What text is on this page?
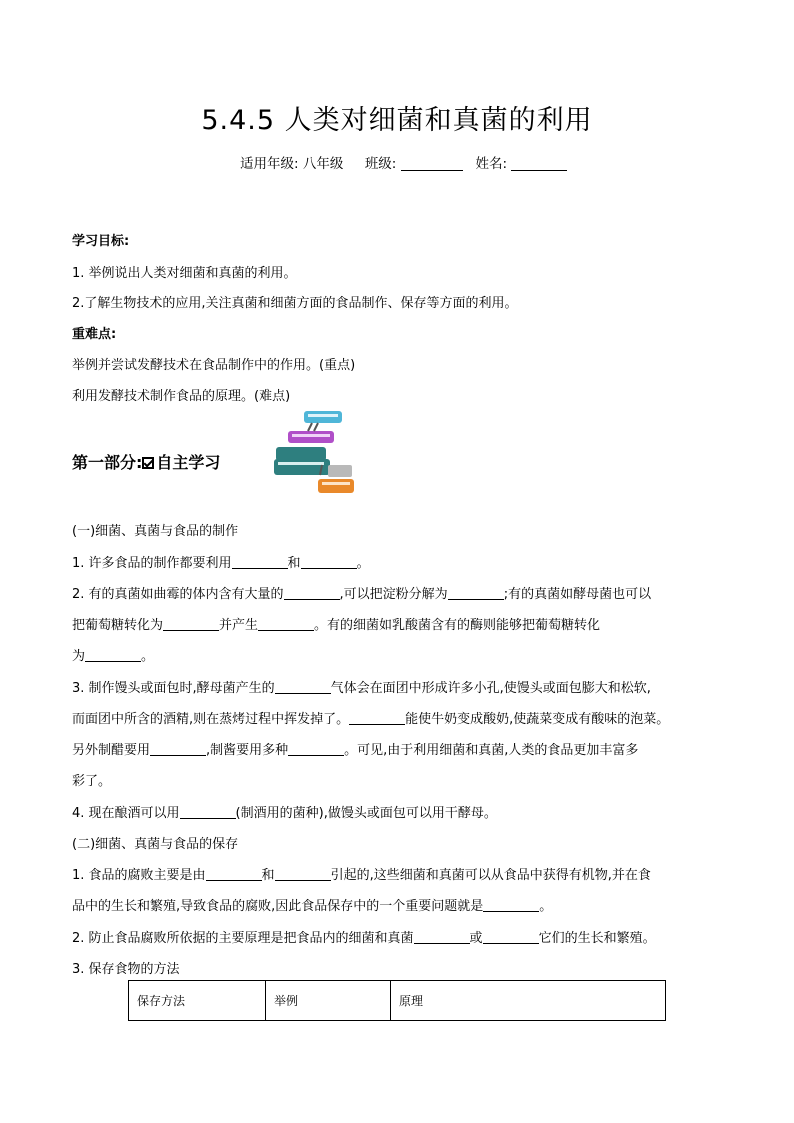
5.4.5 人类对细菌和真菌的利用
适用年级: 八年级 班级:	姓名:
学习目标:
1. 举例说出人类对细菌和真菌的利用。
2.了解生物技术的应用,关注真菌和细菌方面的食品制作、保存等方面的利用。
重难点:
举例并尝试发酵技术在食品制作中的作用。(重点)
利用发酵技术制作食品的原理。(难点)
第一部分: 自主学习
(一)细菌、真菌与食品的制作
1. 许多食品的制作都要利用	和	。
2. 有的真菌如曲霉的体内含有大量的	,可以把淀粉分解为	;有的真菌如酵母菌也可以
把葡萄糖转化为	并产生	。有的细菌如乳酸菌含有的酶则能够把葡萄糖转化
为	。
3. 制作馒头或面包时,酵母菌产生的	气体会在面团中形成许多小孔,使馒头或面包膨大和松软,
而面团中所含的酒精,则在蒸烤过程中挥发掉了。	能使牛奶变成酸奶,使蔬菜变成有酸味的泡菜。
另外制醋要用	,制酱要用多种	。可见,由于利用细菌和真菌,人类的食品更加丰富多
彩了。
4. 现在酿酒可以用	(制酒用的菌种),做馒头或面包可以用干酵母。
(二)细菌、真菌与食品的保存
1. 食品的腐败主要是由	和	引起的,这些细菌和真菌可以从食品中获得有机物,并在食
品中的生长和繁殖,导致食品的腐败,因此食品保存中的一个重要问题就是	。
2. 防止食品腐败所依据的主要原理是把食品内的细菌和真菌	或	它们的生长和繁殖。
3. 保存食物的方法
保存方法	举例	原理
